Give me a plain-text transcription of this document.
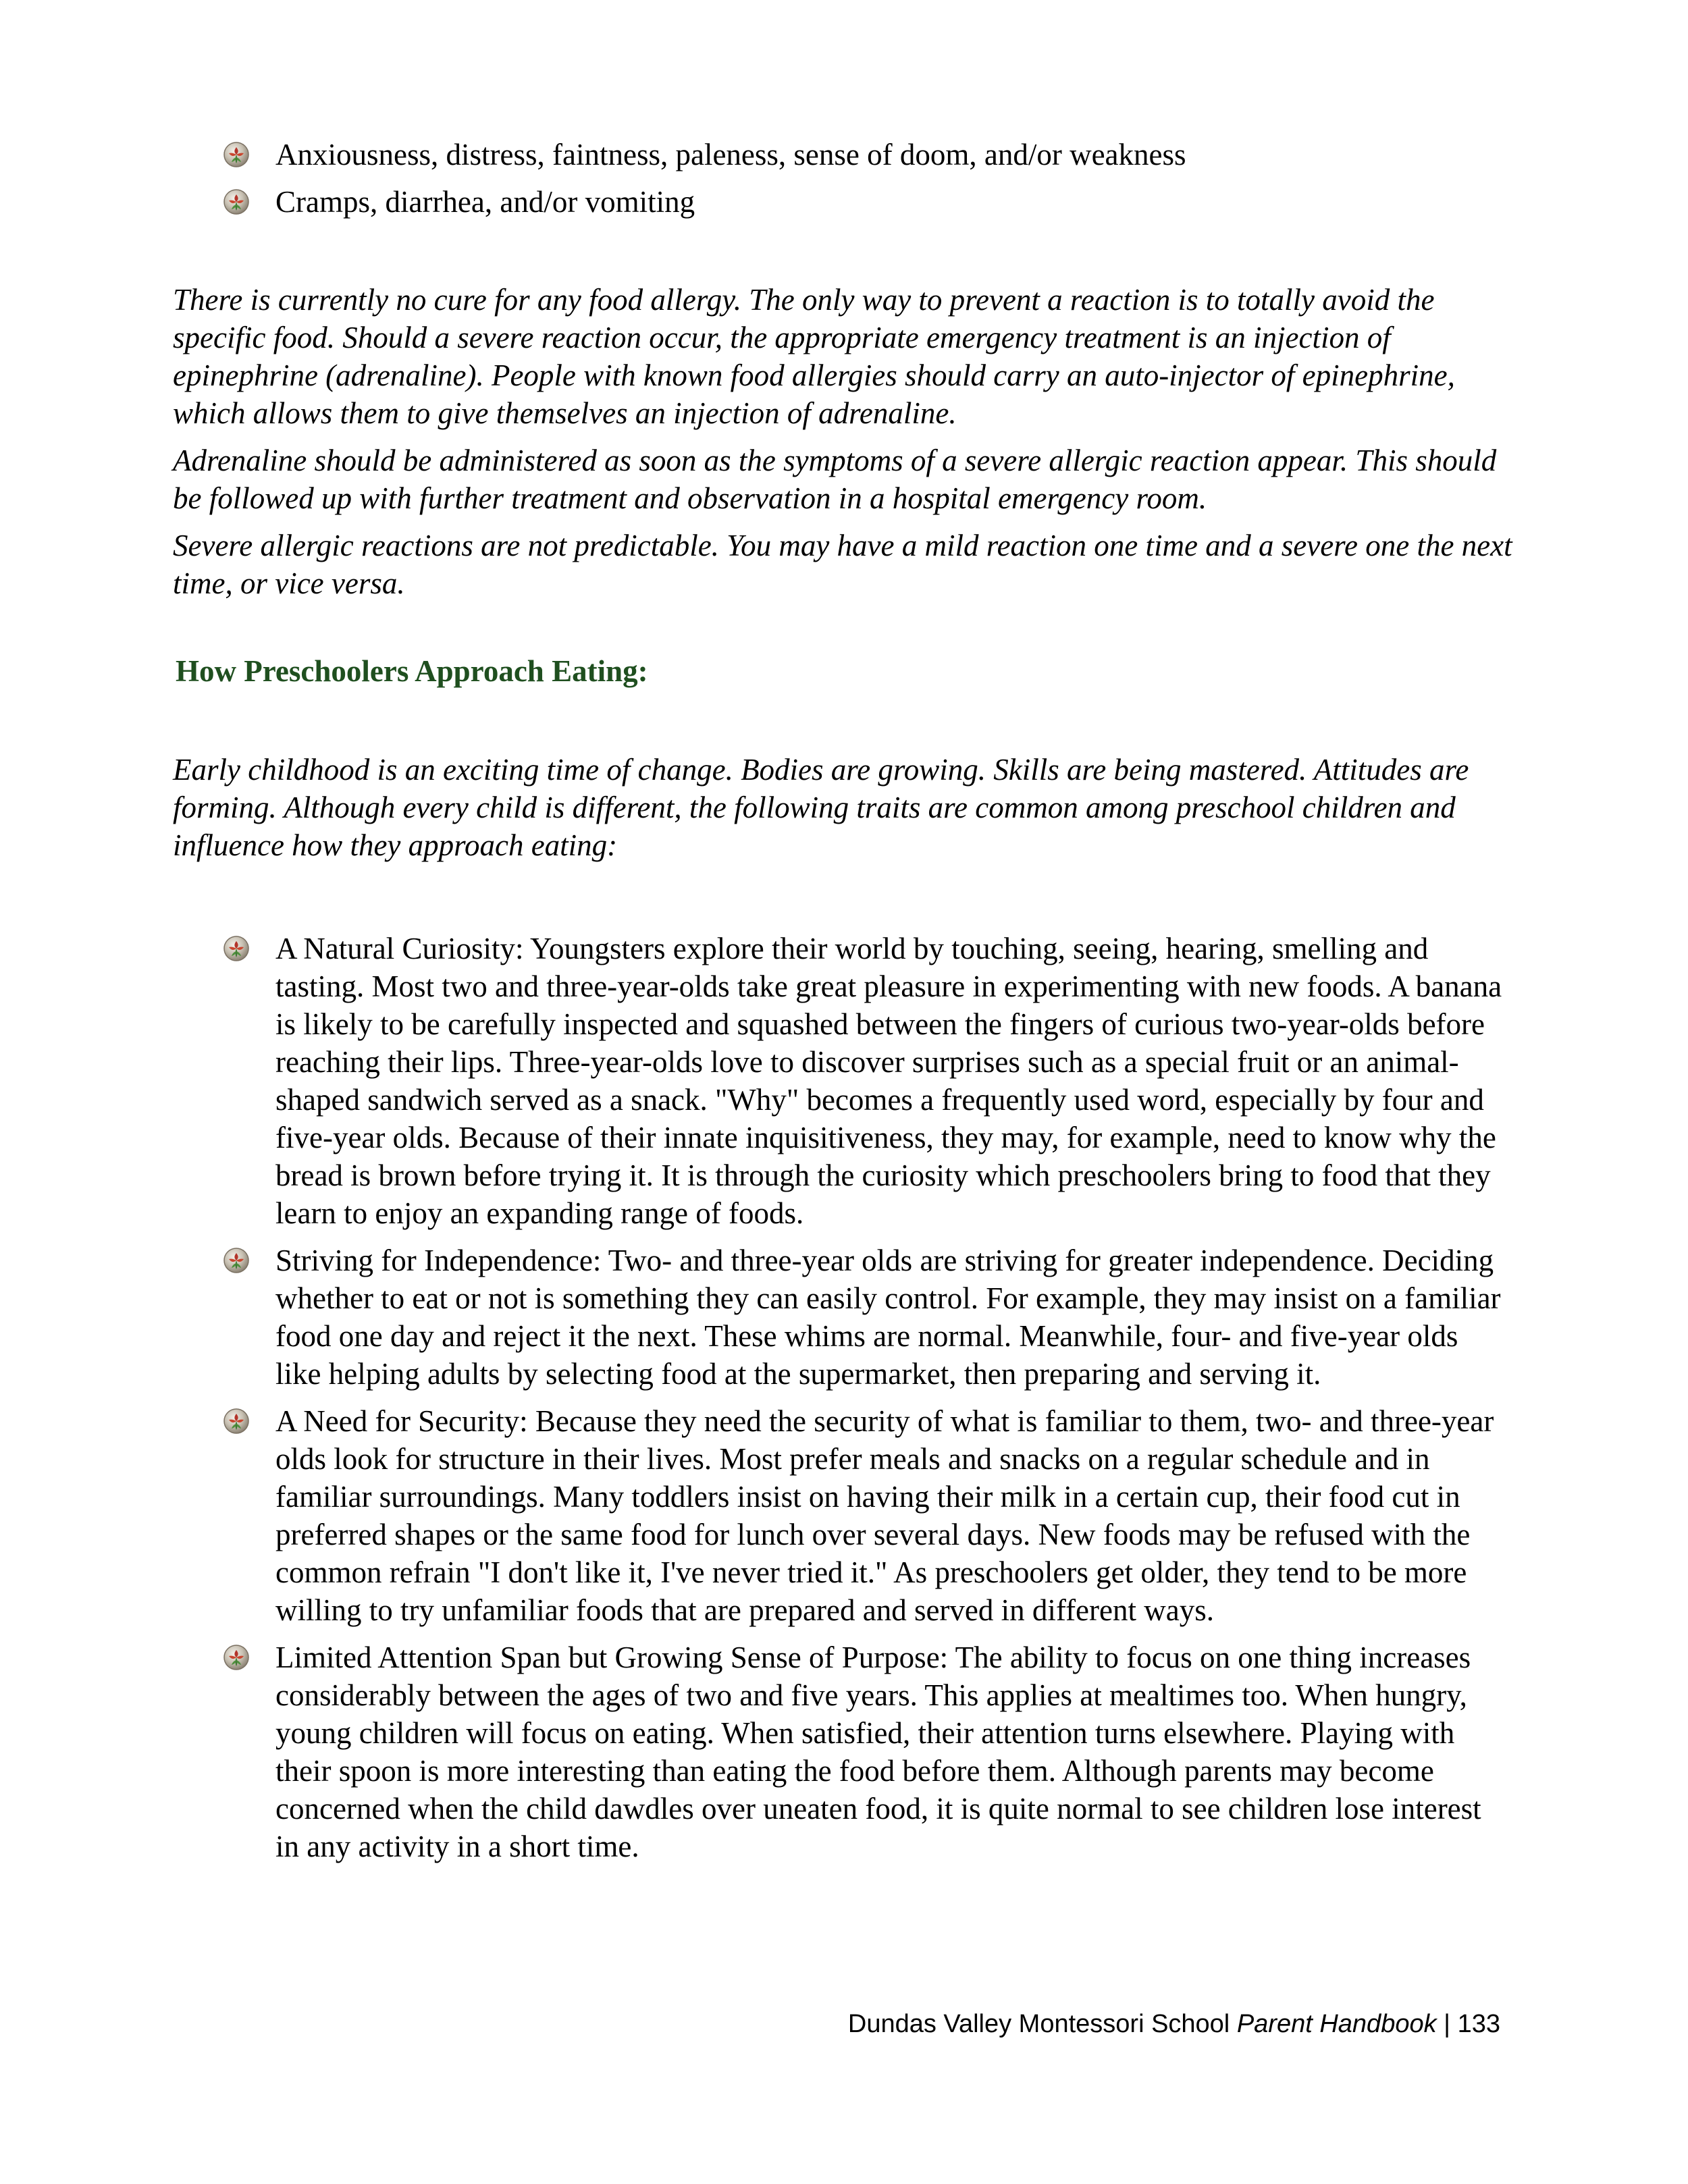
Anxiousness, distress, faintness, paleness, sense of doom, and/or weakness
Cramps, diarrhea, and/or vomiting

There is currently no cure for any food allergy. The only way to prevent a reaction is to totally avoid the specific food. Should a severe reaction occur, the appropriate emergency treatment is an injection of epinephrine (adrenaline). People with known food allergies should carry an auto-injector of epinephrine, which allows them to give themselves an injection of adrenaline.

Adrenaline should be administered as soon as the symptoms of a severe allergic reaction appear. This should be followed up with further treatment and observation in a hospital emergency room.

Severe allergic reactions are not predictable. You may have a mild reaction one time and a severe one the next time, or vice versa.

How Preschoolers Approach Eating:

Early childhood is an exciting time of change. Bodies are growing. Skills are being mastered. Attitudes are forming. Although every child is different, the following traits are common among preschool children and influence how they approach eating:

A Natural Curiosity: Youngsters explore their world by touching, seeing, hearing, smelling and tasting. Most two and three-year-olds take great pleasure in experimenting with new foods. A banana is likely to be carefully inspected and squashed between the fingers of curious two-year-olds before reaching their lips. Three-year-olds love to discover surprises such as a special fruit or an animal- shaped sandwich served as a snack. "Why" becomes a frequently used word, especially by four and five-year olds. Because of their innate inquisitiveness, they may, for example, need to know why the bread is brown before trying it. It is through the curiosity which preschoolers bring to food that they learn to enjoy an expanding range of foods.
Striving for Independence: Two- and three-year olds are striving for greater independence. Deciding whether to eat or not is something they can easily control. For example, they may insist on a familiar food one day and reject it the next. These whims are normal. Meanwhile, four- and five-year olds like helping adults by selecting food at the supermarket, then preparing and serving it.
A Need for Security: Because they need the security of what is familiar to them, two- and three-year olds look for structure in their lives. Most prefer meals and snacks on a regular schedule and in familiar surroundings. Many toddlers insist on having their milk in a certain cup, their food cut in preferred shapes or the same food for lunch over several days. New foods may be refused with the common refrain "I don't like it, I've never tried it." As preschoolers get older, they tend to be more willing to try unfamiliar foods that are prepared and served in different ways.
Limited Attention Span but Growing Sense of Purpose: The ability to focus on one thing increases considerably between the ages of two and five years. This applies at mealtimes too. When hungry, young children will focus on eating. When satisfied, their attention turns elsewhere. Playing with their spoon is more interesting than eating the food before them. Although parents may become concerned when the child dawdles over uneaten food, it is quite normal to see children lose interest in any activity in a short time.
Dundas Valley Montessori School Parent Handbook | 133
